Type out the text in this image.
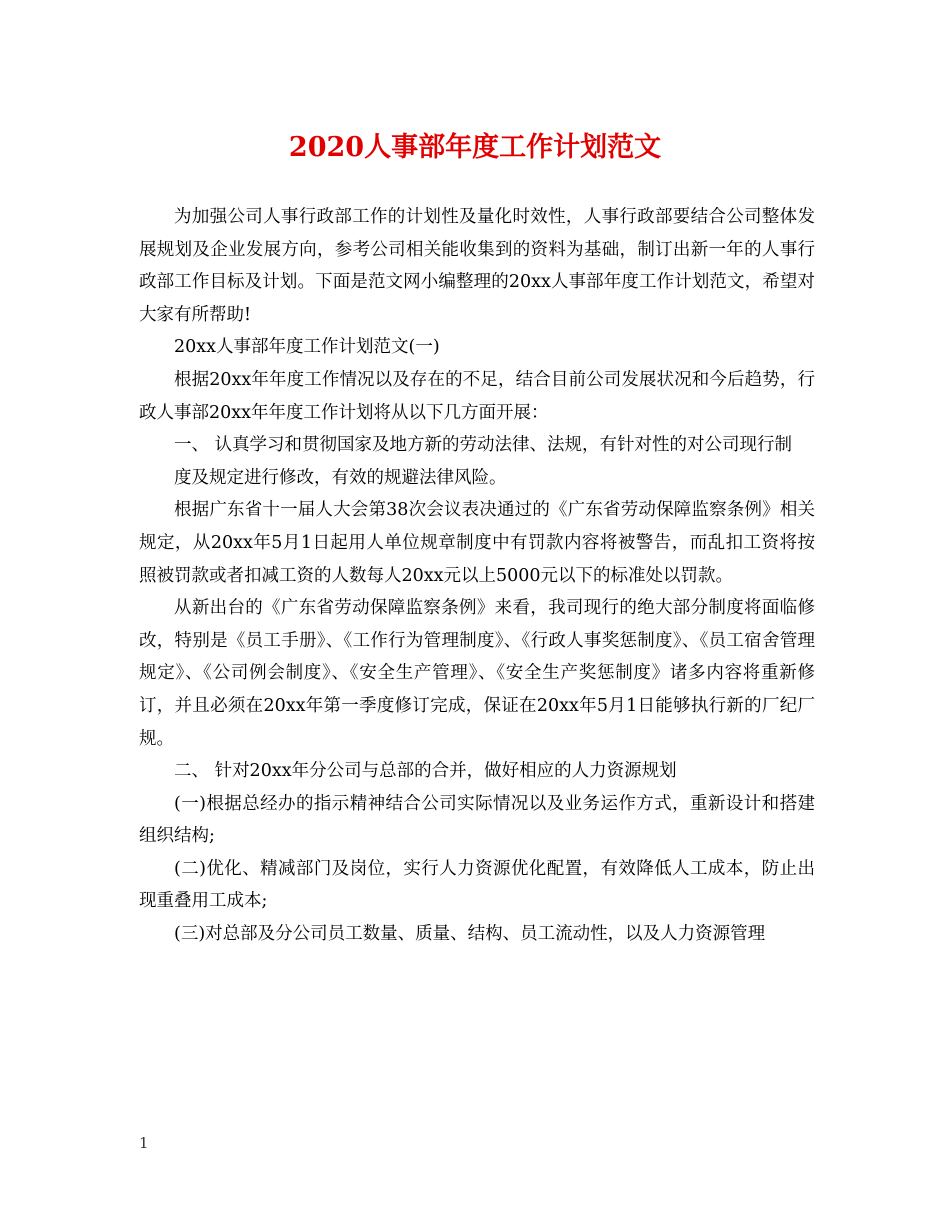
2020人事部年度工作计划范文

为加强公司人事行政部工作的计划性及量化时效性，人事行政部要结合公司整体发展规划及企业发展方向，参考公司相关能收集到的资料为基础，制订出新一年的人事行政部工作目标及计划。下面是范文网小编整理的20xx人事部年度工作计划范文，希望对大家有所帮助!

20xx人事部年度工作计划范文(一)

根据20xx年年度工作情况以及存在的不足，结合目前公司发展状况和今后趋势，行政人事部20xx年年度工作计划将从以下几方面开展：

一、 认真学习和贯彻国家及地方新的劳动法律、法规，有针对性的对公司现行制

度及规定进行修改，有效的规避法律风险。

根据广东省十一届人大会第38次会议表决通过的《广东省劳动保障监察条例》相关规定，从20xx年5月1日起用人单位规章制度中有罚款内容将被警告，而乱扣工资将按照被罚款或者扣减工资的人数每人20xx元以上5000元以下的标准处以罚款。

从新出台的《广东省劳动保障监察条例》来看，我司现行的绝大部分制度将面临修改，特别是《员工手册》、《工作行为管理制度》、《行政人事奖惩制度》、《员工宿舍管理规定》、《公司例会制度》、《安全生产管理》、《安全生产奖惩制度》诸多内容将重新修订，并且必须在20xx年第一季度修订完成，保证在20xx年5月1日能够执行新的厂纪厂规。

二、 针对20xx年分公司与总部的合并，做好相应的人力资源规划

(一)根据总经办的指示精神结合公司实际情况以及业务运作方式，重新设计和搭建组织结构;

(二)优化、精减部门及岗位，实行人力资源优化配置，有效降低人工成本，防止出现重叠用工成本;

(三)对总部及分公司员工数量、质量、结构、员工流动性，以及人力资源管理

1
